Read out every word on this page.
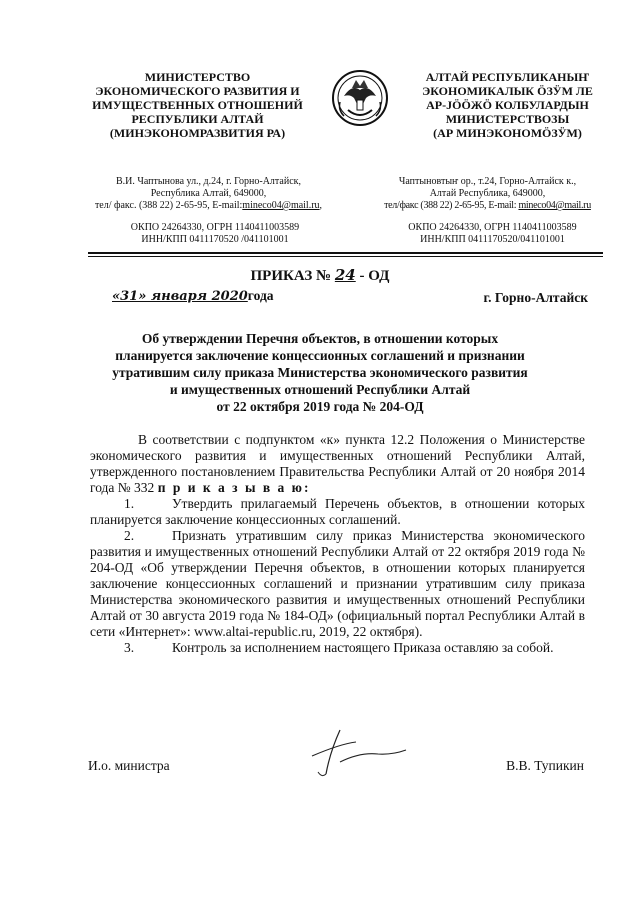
МИНИСТЕРСТВО
ЭКОНОМИЧЕСКОГО РАЗВИТИЯ И
ИМУЩЕСТВЕННЫХ ОТНОШЕНИЙ
РЕСПУБЛИКИ АЛТАЙ
(МИНЭКОНОМРАЗВИТИЯ РА)
АЛТАЙ РЕСПУБЛИКАНЫҤ
ЭКОНОМИКАЛЫК ӦЗӰМ ЛЕ
АР-JӦӦЖӦ КОЛБУЛАРДЫН
МИНИСТЕРСТВОЗЫ
(АР МИНЭКОНОМӦЗӰМ)
В.И. Чаптынова ул., д.24, г. Горно-Алтайск,
Республика Алтай, 649000,
тел/ факс. (388 22) 2-65-95, E-mail:mineco04@mail.ru,
Чаптыновтыҥ ор., т.24, Горно-Алтайск к.,
Алтай Республика, 649000,
тел/факс (388 22) 2-65-95, E-mail: mineco04@mail.ru
ОКПО 24264330, ОГРН 1140411003589
ИНН/КПП 0411170520 /041101001
ОКПО 24264330, ОГРН 1140411003589
ИНН/КПП 0411170520/041101001
ПРИКАЗ № 24 - ОД
«31» января 2020года	г. Горно-Алтайск
Об утверждении Перечня объектов, в отношении которых
планируется заключение концессионных соглашений и признании
утратившим силу приказа Министерства экономического развития
и имущественных отношений Республики Алтай
от 22 октября 2019 года № 204-ОД

В соответствии с подпунктом «к» пункта 12.2 Положения о Министерстве экономического развития и имущественных отношений Республики Алтай, утвержденного постановлением Правительства Республики Алтай от 20 ноября 2014 года № 332 п р и к а з ы в а ю:

1.	Утвердить прилагаемый Перечень объектов, в отношении которых планируется заключение концессионных соглашений.

2.	Признать утратившим силу приказ Министерства экономического развития и имущественных отношений Республики Алтай от 22 октября 2019 года № 204-ОД «Об утверждении Перечня объектов, в отношении которых планируется заключение концессионных соглашений и признании утратившим силу приказа Министерства экономического развития и имущественных отношений Республики Алтай от 30 августа 2019 года № 184-ОД» (официальный портал Республики Алтай в сети «Интернет»: www.altai-republic.ru, 2019, 22 октября).

3.	Контроль за исполнением настоящего Приказа оставляю за собой.

И.о. министра	В.В. Тупикин
